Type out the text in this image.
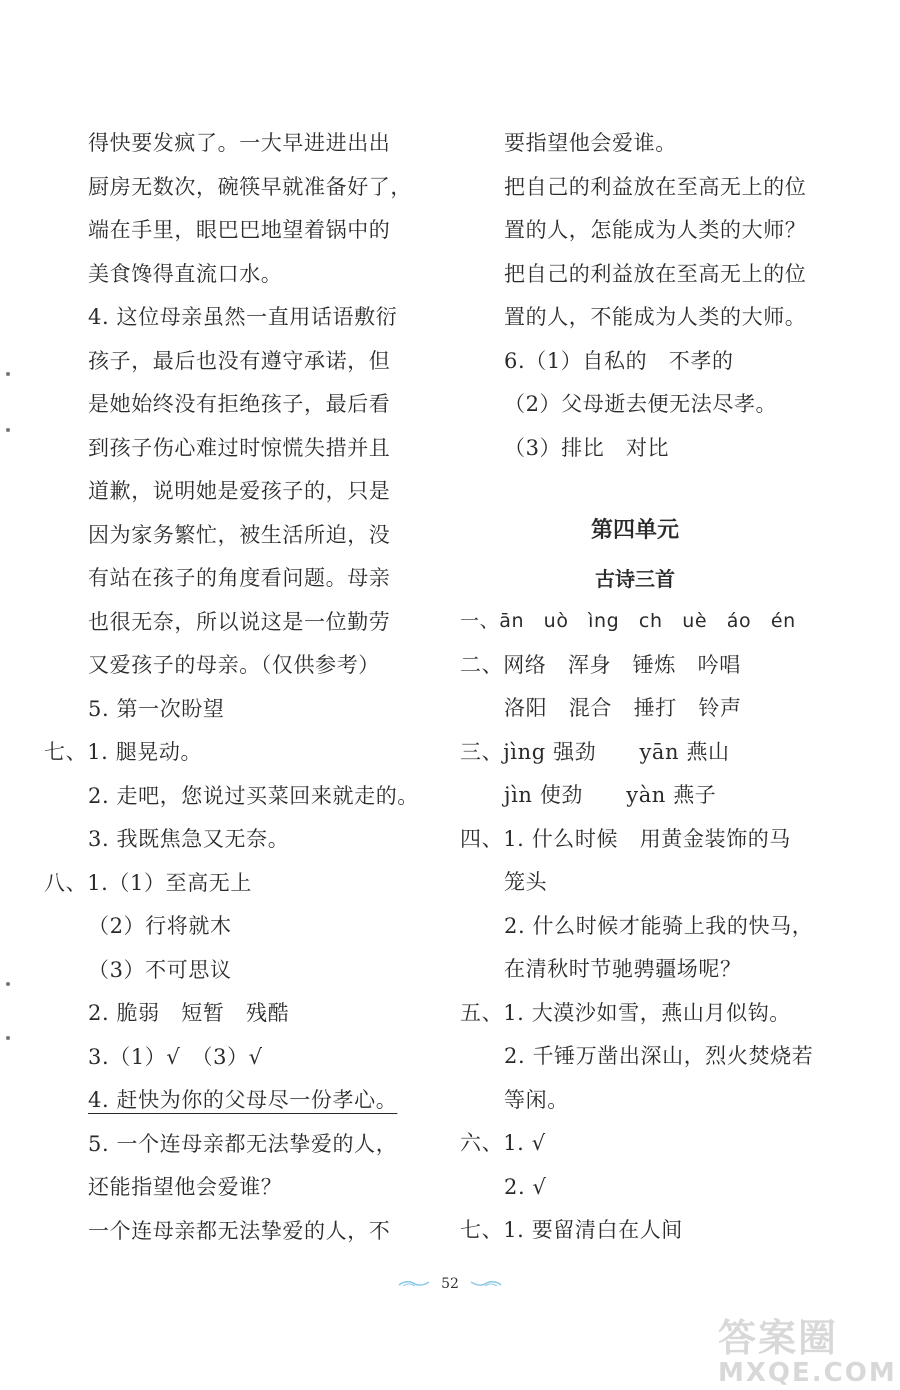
得快要发疯了。一大早进进出出
厨房无数次，碗筷早就准备好了，
端在手里，眼巴巴地望着锅中的
美食馋得直流口水。
4. 这位母亲虽然一直用话语敷衍
孩子，最后也没有遵守承诺，但
是她始终没有拒绝孩子，最后看
到孩子伤心难过时惊慌失措并且
道歉，说明她是爱孩子的，只是
因为家务繁忙，被生活所迫，没
有站在孩子的角度看问题。母亲
也很无奈，所以说这是一位勤劳
又爱孩子的母亲。（仅供参考）
5. 第一次盼望
七、1. 腿晃动。
2. 走吧，您说过买菜回来就走的。
3. 我既焦急又无奈。
八、1.（1）至高无上
（2）行将就木
（3）不可思议
2. 脆弱　短暂　残酷
3.（1）√　（3）√
4. 赶快为你的父母尽一份孝心。
5. 一个连母亲都无法挚爱的人，
还能指望他会爱谁？
一个连母亲都无法挚爱的人，不
要指望他会爱谁。
把自己的利益放在至高无上的位
置的人，怎能成为人类的大师？
把自己的利益放在至高无上的位
置的人，不能成为人类的大师。
6.（1）自私的　不孝的
（2）父母逝去便无法尽孝。
（3）排比　对比
第四单元
古诗三首
一、ān　uò　ìng　ch　uè　áo　én
二、网络　浑身　锤炼　吟唱
洛阳　混合　捶打　铃声
三、jìng 强劲　　yān 燕山
jìn 使劲　　yàn 燕子
四、1. 什么时候　用黄金装饰的马
笼头
2. 什么时候才能骑上我的快马，
在清秋时节驰骋疆场呢？
五、1. 大漠沙如雪，燕山月似钩。
2. 千锤万凿出深山，烈火焚烧若
等闲。
六、1. √
2. √
七、1. 要留清白在人间
52
答案圈
MXQE.COM
